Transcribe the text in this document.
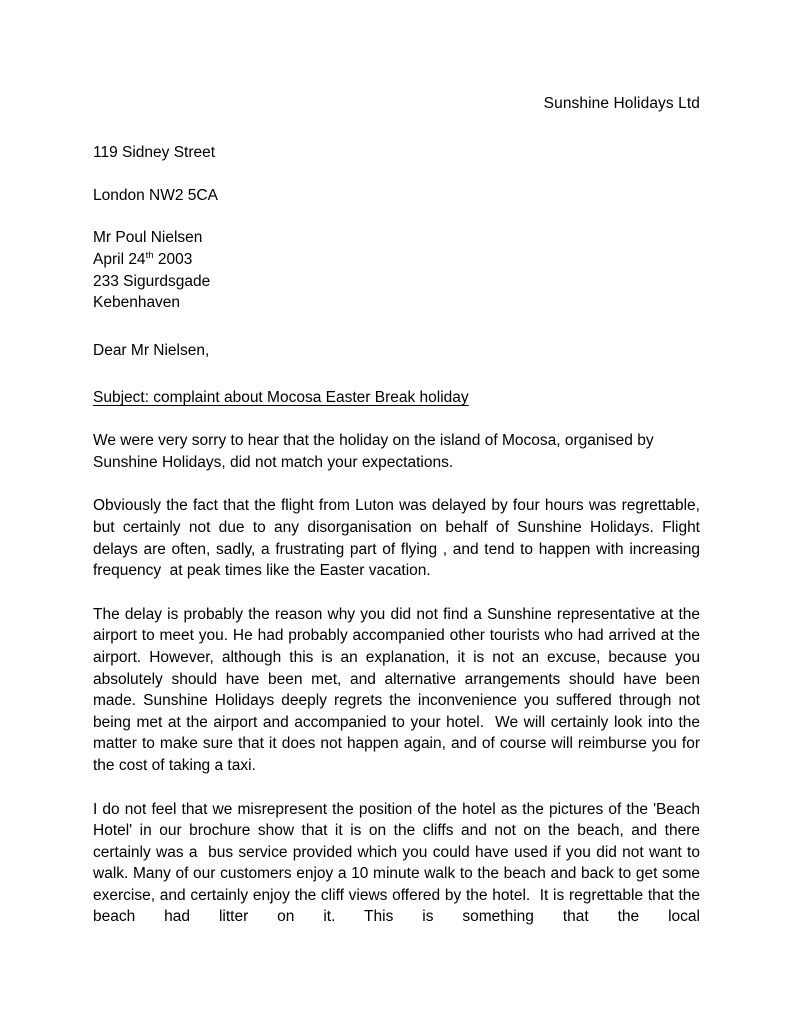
Sunshine Holidays Ltd
119 Sidney Street
London NW2 5CA
Mr Poul Nielsen
April 24th 2003
233 Sigurdsgade
Kebenhaven
Dear Mr Nielsen,
Subject: complaint about Mocosa Easter Break holiday
We were very sorry to hear that the holiday on the island of Mocosa, organised by Sunshine Holidays, did not match your expectations.
Obviously the fact that the flight from Luton was delayed by four hours was regrettable, but certainly not due to any disorganisation on behalf of Sunshine Holidays. Flight delays are often, sadly, a frustrating part of flying , and tend to happen with increasing frequency  at peak times like the Easter vacation.
The delay is probably the reason why you did not find a Sunshine representative at the airport to meet you. He had probably accompanied other tourists who had arrived at the airport. However, although this is an explanation, it is not an excuse, because you absolutely should have been met, and alternative arrangements should have been made. Sunshine Holidays deeply regrets the inconvenience you suffered through not being met at the airport and accompanied to your hotel.  We will certainly look into the matter to make sure that it does not happen again, and of course will reimburse you for the cost of taking a taxi.
I do not feel that we misrepresent the position of the hotel as the pictures of the 'Beach Hotel' in our brochure show that it is on the cliffs and not on the beach, and there certainly was a  bus service provided which you could have used if you did not want to walk. Many of our customers enjoy a 10 minute walk to the beach and back to get some exercise, and certainly enjoy the cliff views offered by the hotel.  It is regrettable that the beach had litter on it. This is something that the local
